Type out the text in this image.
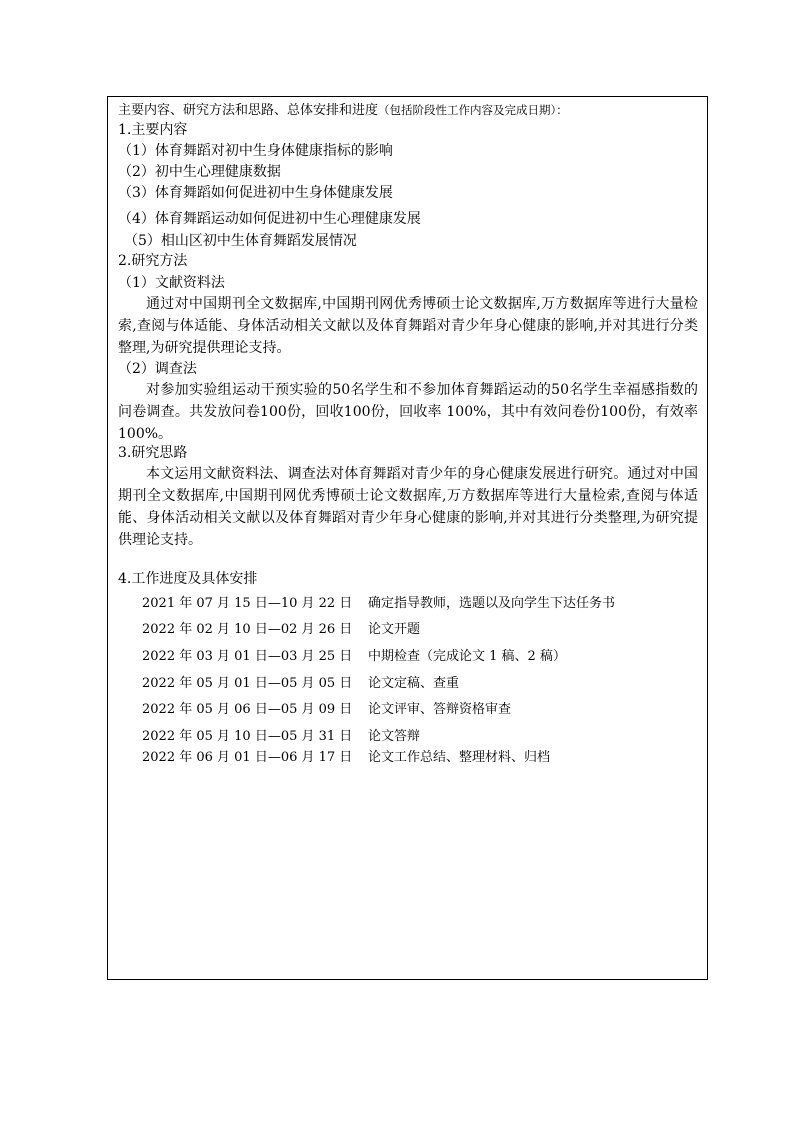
主要内容、研究方法和思路、总体安排和进度（包括阶段性工作内容及完成日期）：
1.主要内容
（1）体育舞蹈对初中生身体健康指标的影响
（2）初中生心理健康数据
（3）体育舞蹈如何促进初中生身体健康发展
（4）体育舞蹈运动如何促进初中生心理健康发展
（5）相山区初中生体育舞蹈发展情况
2.研究方法
（1）文献资料法
通过对中国期刊全文数据库,中国期刊网优秀博硕士论文数据库,万方数据库等进行大量检索,查阅与体适能、身体活动相关文献以及体育舞蹈对青少年身心健康的影响,并对其进行分类整理,为研究提供理论支持。
（2）调查法
对参加实验组运动干预实验的50名学生和不参加体育舞蹈运动的50名学生幸福感指数的问卷调查。共发放问卷100份，回收100份，回收率 100%，其中有效问卷份100份，有效率100%。
3.研究思路
本文运用文献资料法、调查法对体育舞蹈对青少年的身心健康发展进行研究。通过对中国期刊全文数据库,中国期刊网优秀博硕士论文数据库,万方数据库等进行大量检索,查阅与体适能、身体活动相关文献以及体育舞蹈对青少年身心健康的影响,并对其进行分类整理,为研究提供理论支持。
4.工作进度及具体安排
2021 年 07 月 15 日—10 月 22 日 确定指导教师，选题以及向学生下达任务书
2022 年 02 月 10 日—02 月 26 日 论文开题
2022 年 03 月 01 日—03 月 25 日 中期检查（完成论文 1 稿、2 稿）
2022 年 05 月 01 日—05 月 05 日 论文定稿、查重
2022 年 05 月 06 日—05 月 09 日 论文评审、答辩资格审查
2022 年 05 月 10 日—05 月 31 日 论文答辩
2022 年 06 月 01 日—06 月 17 日 论文工作总结、整理材料、归档
